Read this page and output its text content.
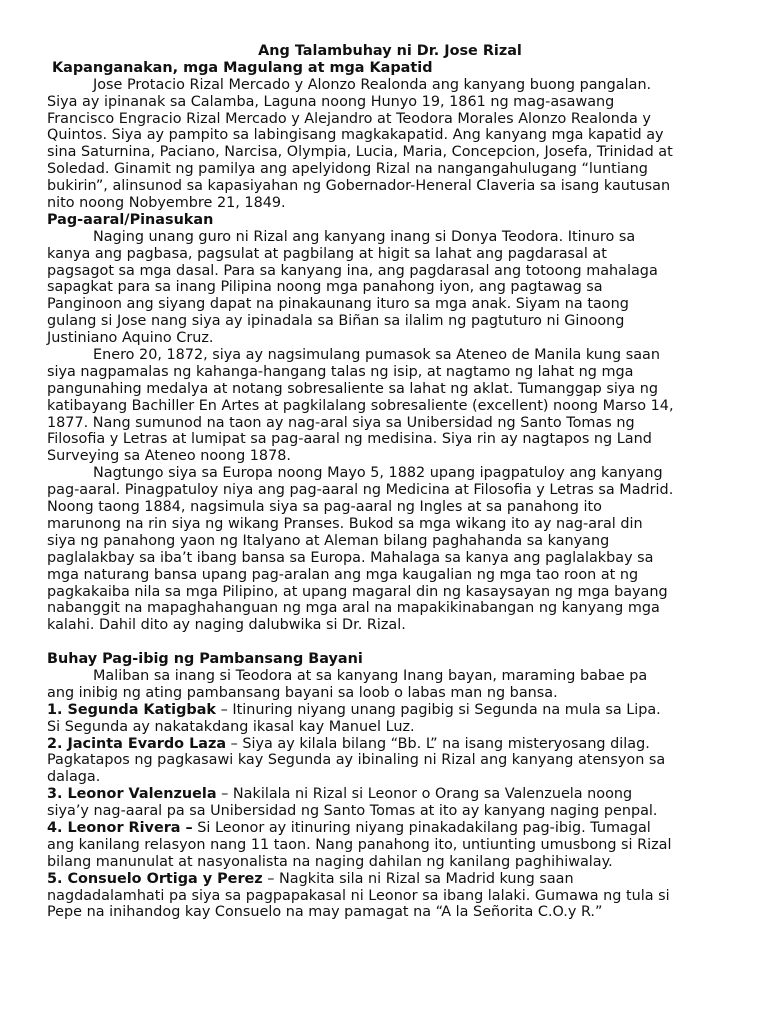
Ang Talambuhay ni Dr. Jose Rizal
Kapanganakan, mga Magulang at mga Kapatid
Jose Protacio Rizal Mercado y Alonzo Realonda ang kanyang buong pangalan.
Siya ay ipinanak sa Calamba, Laguna noong Hunyo 19, 1861 ng mag-asawang
Francisco Engracio Rizal Mercado y Alejandro at Teodora Morales Alonzo Realonda y
Quintos. Siya ay pampito sa labingisang magkakapatid. Ang kanyang mga kapatid ay
sina Saturnina, Paciano, Narcisa, Olympia, Lucia, Maria, Concepcion, Josefa, Trinidad at
Soledad. Ginamit ng pamilya ang apelyidong Rizal na nangangahulugang “luntiang
bukirin”, alinsunod sa kapasiyahan ng Gobernador-Heneral Claveria sa isang kautusan
nito noong Nobyembre 21, 1849.
Pag-aaral/Pinasukan
Naging unang guro ni Rizal ang kanyang inang si Donya Teodora. Itinuro sa
kanya ang pagbasa, pagsulat at pagbilang at higit sa lahat ang pagdarasal at
pagsagot sa mga dasal. Para sa kanyang ina, ang pagdarasal ang totoong mahalaga
sapagkat para sa inang Pilipina noong mga panahong iyon, ang pagtawag sa
Panginoon ang siyang dapat na pinakaunang ituro sa mga anak. Siyam na taong
gulang si Jose nang siya ay ipinadala sa Biñan sa ilalim ng pagtuturo ni Ginoong
Justiniano Aquino Cruz.
Enero 20, 1872, siya ay nagsimulang pumasok sa Ateneo de Manila kung saan
siya nagpamalas ng kahanga-hangang talas ng isip, at nagtamo ng lahat ng mga
pangunahing medalya at notang sobresaliente sa lahat ng aklat. Tumanggap siya ng
katibayang Bachiller En Artes at pagkilalang sobresaliente (excellent) noong Marso 14,
1877. Nang sumunod na taon ay nag-aral siya sa Unibersidad ng Santo Tomas ng
Filosofia y Letras at lumipat sa pag-aaral ng medisina. Siya rin ay nagtapos ng Land
Surveying sa Ateneo noong 1878.
Nagtungo siya sa Europa noong Mayo 5, 1882 upang ipagpatuloy ang kanyang
pag-aaral. Pinagpatuloy niya ang pag-aaral ng Medicina at Filosofia y Letras sa Madrid.
Noong taong 1884, nagsimula siya sa pag-aaral ng Ingles at sa panahong ito
marunong na rin siya ng wikang Pranses. Bukod sa mga wikang ito ay nag-aral din
siya ng panahong yaon ng Italyano at Aleman bilang paghahanda sa kanyang
paglalakbay sa iba’t ibang bansa sa Europa. Mahalaga sa kanya ang paglalakbay sa
mga naturang bansa upang pag-aralan ang mga kaugalian ng mga tao roon at ng
pagkakaiba nila sa mga Pilipino, at upang magaral din ng kasaysayan ng mga bayang
nabanggit na mapaghahanguan ng mga aral na mapakikinabangan ng kanyang mga
kalahi. Dahil dito ay naging dalubwika si Dr. Rizal.
Buhay Pag-ibig ng Pambansang Bayani
Maliban sa inang si Teodora at sa kanyang Inang bayan, maraming babae pa
ang inibig ng ating pambansang bayani sa loob o labas man ng bansa.
1. Segunda Katigbak – Itinuring niyang unang pagibig si Segunda na mula sa Lipa.
Si Segunda ay nakatakdang ikasal kay Manuel Luz.
2. Jacinta Evardo Laza – Siya ay kilala bilang “Bb. L” na isang misteryosang dilag.
Pagkatapos ng pagkasawi kay Segunda ay ibinaling ni Rizal ang kanyang atensyon sa
dalaga.
3. Leonor Valenzuela – Nakilala ni Rizal si Leonor o Orang sa Valenzuela noong
siya’y nag-aaral pa sa Unibersidad ng Santo Tomas at ito ay kanyang naging penpal.
4. Leonor Rivera – Si Leonor ay itinuring niyang pinakadakilang pag-ibig. Tumagal
ang kanilang relasyon nang 11 taon. Nang panahong ito, untiunting umusbong si Rizal
bilang manunulat at nasyonalista na naging dahilan ng kanilang paghihiwalay.
5. Consuelo Ortiga y Perez – Nagkita sila ni Rizal sa Madrid kung saan
nagdadalamhati pa siya sa pagpapakasal ni Leonor sa ibang lalaki. Gumawa ng tula si
Pepe na inihandog kay Consuelo na may pamagat na “A la Señorita C.O.y R.”
